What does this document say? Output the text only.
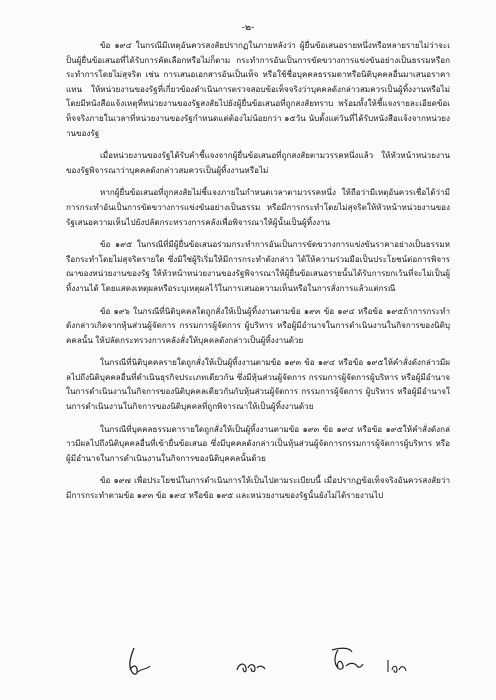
-๒-

ข้อ ๑๙๔ ในกรณีมีเหตุอันควรสงสัยปรากฏในภายหลังว่า ผู้ยื่นข้อเสนอรายหนึ่งหรือหลายรายไม่ว่าจะเป็นผู้ยื่นข้อเสนอที่ได้รับการคัดเลือกหรือไม่ก็ตาม กระทำการอันเป็นการขัดขวางการแข่งขันอย่างเป็นธรรมหรือกระทำการโดยไม่สุจริต เช่น การเสนอเอกสารอันเป็นเท็จ หรือใช้ชื่อบุคคลธรรมดาหรือนิติบุคคลอื่นมาเสนอราคาแทน ให้หน่วยงานของรัฐที่เกี่ยวข้องดำเนินการตรวจสอบข้อเท็จจริงว่าบุคคลดังกล่าวสมควรเป็นผู้ทิ้งงานหรือไม่ โดยมีหนังสือแจ้งเหตุที่หน่วยงานของรัฐสงสัยไปยังผู้ยื่นข้อเสนอที่ถูกสงสัยทราบ พร้อมทั้งให้ชี้แจงรายละเอียดข้อเท็จจริงภายในเวลาที่หน่วยงานของรัฐกำหนดแต่ต้องไม่น้อยกว่า ๑๕วัน นับตั้งแต่วันที่ได้รับหนังสือแจ้งจากหน่วยงานของรัฐ

เมื่อหน่วยงานของรัฐได้รับคำชี้แจงจากผู้ยื่นข้อเสนอที่ถูกสงสัยตามวรรคหนึ่งแล้ว ให้หัวหน้าหน่วยงานของรัฐพิจารณาว่าบุคคลดังกล่าวสมควรเป็นผู้ทิ้งงานหรือไม่

หากผู้ยื่นข้อเสนอที่ถูกสงสัยไม่ชี้แจงภายในกำหนดเวลาตามวรรคหนึ่ง ให้ถือว่ามีเหตุอันควรเชื่อได้ว่ามีการกระทำอันเป็นการขัดขวางการแข่งขันอย่างเป็นธรรม หรือมีการกระทำโดยไม่สุจริตให้หัวหน้าหน่วยงานของรัฐเสนอความเห็นไปยังปลัดกระทรวงการคลังเพื่อพิจารณาให้ผู้นั้นเป็นผู้ทิ้งงาน

ข้อ ๑๙๕ ในกรณีที่มีผู้ยื่นข้อเสนอร่วมกระทำการอันเป็นการขัดขวางการแข่งขันราคาอย่างเป็นธรรมหรือกระทำโดยไม่สุจริตรายใด ซึ่งมิใช่ผู้ริเริ่มให้มีการกระทำดังกล่าว ได้ให้ความร่วมมือเป็นประโยชน์ต่อการพิจารณาของหน่วยงานของรัฐ ให้หัวหน้าหน่วยงานของรัฐพิจารณาให้ผู้ยื่นข้อเสนอรายนั้นได้รับการยกเว้นที่จะไม่เป็นผู้ทิ้งงานได้ โดยแสดงเหตุผลหรือระบุเหตุผลไว้ในการเสนอความเห็นหรือในการสั่งการแล้วแต่กรณี

ข้อ ๑๙๖ ในกรณีที่นิติบุคคลใดถูกสั่งให้เป็นผู้ทิ้งงานตามข้อ ๑๙๓ ข้อ ๑๙๔ หรือข้อ ๑๙๕ถ้าการกระทำดังกล่าวเกิดจากหุ้นส่วนผู้จัดการ กรรมการผู้จัดการ ผู้บริหาร หรือผู้มีอำนาจในการดำเนินงานในกิจการของนิติบุคคลนั้น ให้ปลัดกระทรวงการคลังสั่งให้บุคคลดังกล่าวเป็นผู้ทิ้งงานด้วย

ในกรณีที่นิติบุคคลรายใดถูกสั่งให้เป็นผู้ทิ้งงานตามข้อ ๑๙๓ ข้อ ๑๙๔ หรือข้อ ๑๙๕ให้คำสั่งดังกล่าวมีผลไปถึงนิติบุคคลอื่นที่ดำเนินธุรกิจประเภทเดียวกัน ซึ่งมีหุ้นส่วนผู้จัดการ กรรมการผู้จัดการผู้บริหาร หรือผู้มีอำนาจในการดำเนินงานในกิจการของนิติบุคคลเดียวกันกับหุ้นส่วนผู้จัดการ กรรมการผู้จัดการ ผู้บริหาร หรือผู้มีอำนาจในการดำเนินงานในกิจการของนิติบุคคลที่ถูกพิจารณาให้เป็นผู้ทิ้งงานด้วย

ในกรณีที่บุคคลธรรมดารายใดถูกสั่งให้เป็นผู้ทิ้งงานตามข้อ ๑๙๓ ข้อ ๑๙๔ หรือข้อ ๑๙๕ให้คำสั่งดังกล่าวมีผลไปถึงนิติบุคคลอื่นที่เข้ายื่นข้อเสนอ ซึ่งมีบุคคลดังกล่าวเป็นหุ้นส่วนผู้จัดการกรรมการผู้จัดการผู้บริหาร หรือผู้มีอำนาจในการดำเนินงานในกิจการของนิติบุคคลนั้นด้วย

ข้อ ๑๙๗ เพื่อประโยชน์ในการดำเนินการให้เป็นไปตามระเบียบนี้ เมื่อปรากฏข้อเท็จจริงอันควรสงสัยว่ามีการกระทำตามข้อ ๑๙๓ ข้อ ๑๙๔ หรือข้อ ๑๙๕ และหน่วยงานของรัฐนั้นยังไม่ได้รายงานไป
